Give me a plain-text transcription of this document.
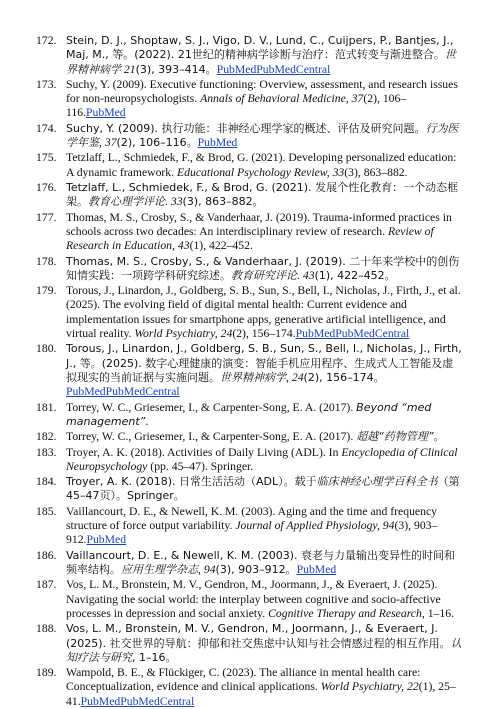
172. Stein, D. J., Shoptaw, S. J., Vigo, D. V., Lund, C., Cuijpers, P., Bantjes, J., Maj, M., 等。(2022). 21世纪的精神病学诊断与治疗：范式转变与渐进整合。世界精神病学 21(3), 393–414。PubMedPubMedCentral
173. Suchy, Y. (2009). Executive functioning: Overview, assessment, and research issues for non-neuropsychologists. Annals of Behavioral Medicine, 37(2), 106–116.PubMed
174. Suchy, Y. (2009). 执行功能：非神经心理学家的概述、评估及研究问题。行为医学年鉴, 37(2), 106–116。PubMed
175. Tetzlaff, L., Schmiedek, F., & Brod, G. (2021). Developing personalized education: A dynamic framework. Educational Psychology Review, 33(3), 863–882.
176. Tetzlaff, L., Schmiedek, F., & Brod, G. (2021). 发展个性化教育：一个动态框架。教育心理学评论. 33(3), 863–882。
177. Thomas, M. S., Crosby, S., & Vanderhaar, J. (2019). Trauma-informed practices in schools across two decades: An interdisciplinary review of research. Review of Research in Education, 43(1), 422–452.
178. Thomas, M. S., Crosby, S., & Vanderhaar, J. (2019). 二十年来学校中的创伤知情实践：一项跨学科研究综述。教育研究评论. 43(1), 422–452。
179. Torous, J., Linardon, J., Goldberg, S. B., Sun, S., Bell, I., Nicholas, J., Firth, J., et al. (2025). The evolving field of digital mental health: Current evidence and implementation issues for smartphone apps, generative artificial intelligence, and virtual reality. World Psychiatry, 24(2), 156–174.PubMedPubMedCentral
180. Torous, J., Linardon, J., Goldberg, S. B., Sun, S., Bell, I., Nicholas, J., Firth, J., 等。(2025). 数字心理健康的演变：智能手机应用程序、生成式人工智能及虚拟现实的当前证据与实施问题。世界精神病学, 24(2), 156–174。PubMedPubMedCentral
181. Torrey, W. C., Griesemer, I., & Carpenter-Song, E. A. (2017). Beyond “med management”.
182. Torrey, W. C., Griesemer, I., & Carpenter-Song, E. A. (2017). 超越“药物管理”。
183. Troyer, A. K. (2018). Activities of Daily Living (ADL). In Encyclopedia of Clinical Neuropsychology (pp. 45–47). Springer.
184. Troyer, A. K. (2018). 日常生活活动（ADL）。载于临床神经心理学百科全书（第45–47页）。Springer。
185. Vaillancourt, D. E., & Newell, K. M. (2003). Aging and the time and frequency structure of force output variability. Journal of Applied Physiology, 94(3), 903–912.PubMed
186. Vaillancourt, D. E., & Newell, K. M. (2003). 衰老与力量输出变异性的时间和频率结构。应用生理学杂志, 94(3), 903–912。PubMed
187. Vos, L. M., Bronstein, M. V., Gendron, M., Joormann, J., & Everaert, J. (2025). Navigating the social world: the interplay between cognitive and socio-affective processes in depression and social anxiety. Cognitive Therapy and Research, 1–16.
188. Vos, L. M., Bronstein, M. V., Gendron, M., Joormann, J., & Everaert, J. (2025). 社交世界的导航：抑郁和社交焦虑中认知与社会情感过程的相互作用。认知疗法与研究, 1–16。
189. Wampold, B. E., & Flückiger, C. (2023). The alliance in mental health care: Conceptualization, evidence and clinical applications. World Psychiatry, 22(1), 25–41.PubMedPubMedCentral
